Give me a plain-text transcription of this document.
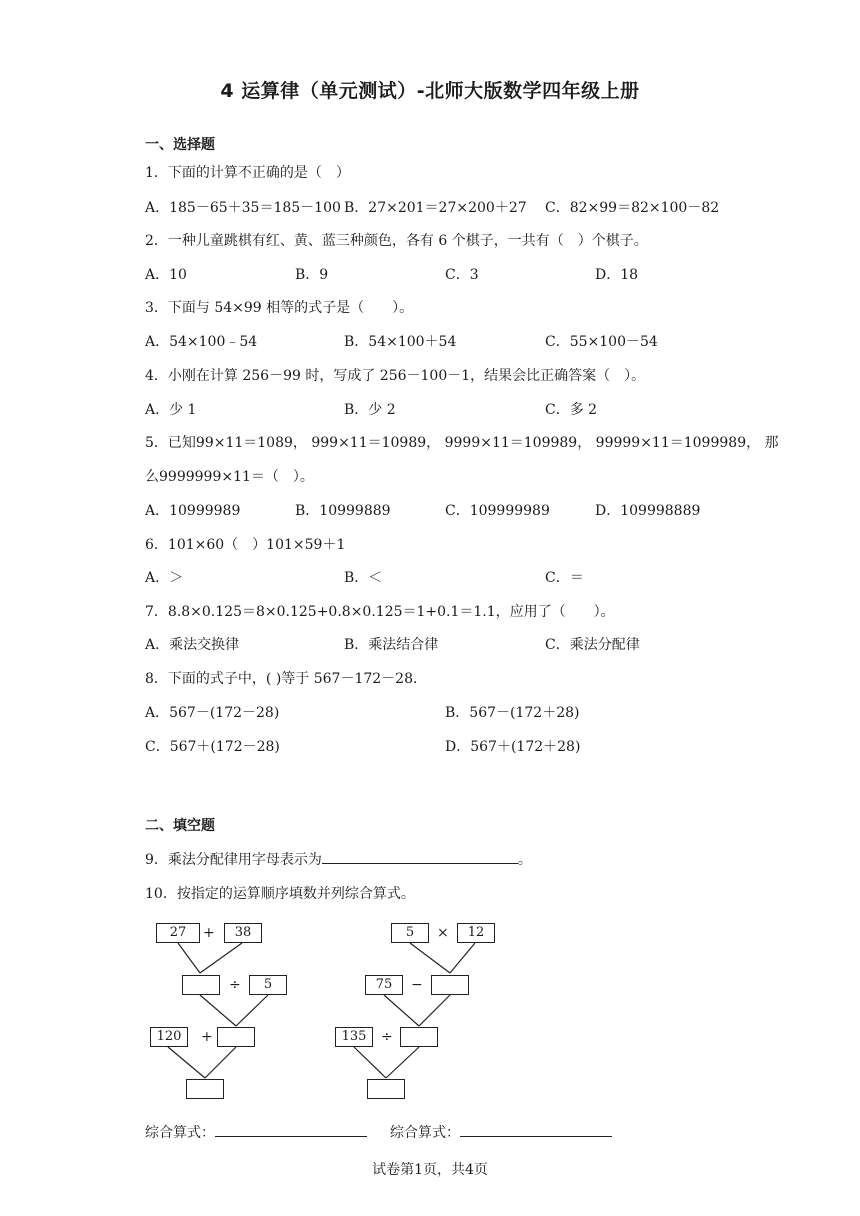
4 运算律（单元测试）-北师大版数学四年级上册
一、选择题
1．下面的计算不正确的是（　）
A．185－65＋35＝185－100 B．27×201＝27×200＋27 C．82×99＝82×100－82
2．一种儿童跳棋有红、黄、蓝三种颜色，各有 6 个棋子，一共有（　）个棋子。
A．10	B．9	C．3	D．18
3．下面与 54×99 相等的式子是（　　）。
A．54×100﹣54	B．54×100＋54	C．55×100－54
4．小刚在计算 256－99 时，写成了 256－100－1，结果会比正确答案（　）。
A．少 1	B．少 2	C．多 2
5．已知99×11＝1089， 999×11＝10989， 9999×11＝109989， 99999×11＝1099989， 那
么9999999×11＝（　）。
A．10999989	B．10999889	C．109999989	D．109998889
6．101×60（　）101×59＋1
A．＞	B．＜	C．＝
7．8.8×0.125＝8×0.125+0.8×0.125＝1+0.1＝1.1，应用了（　　）。
A．乘法交换律	B．乘法结合律	C．乘法分配律
8．下面的式子中，( )等于 567－172－28．
A．567－(172－28)	B．567－(172＋28)
C．567＋(172－28)	D．567＋(172＋28)
二、填空题
9．乘法分配律用字母表示为	。
10．按指定的运算顺序填数并列综合算式。
27	+	38
÷	5
120	+
5	×	12
75	−
135	÷
综合算式：	综合算式：
试卷第1页，共4页
